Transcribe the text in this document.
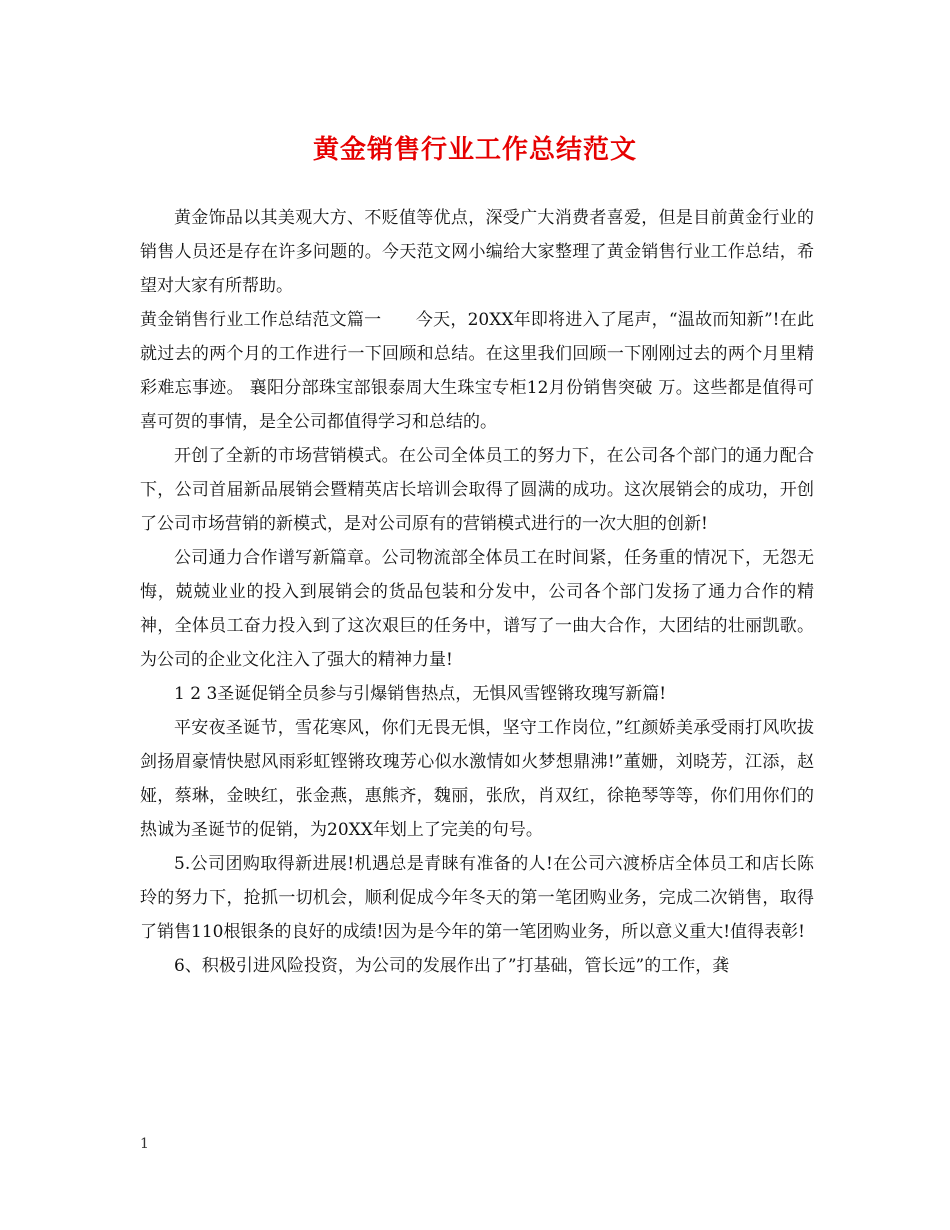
黄金销售行业工作总结范文

黄金饰品以其美观大方、不贬值等优点，深受广大消费者喜爱，但是目前黄金行业的销售人员还是存在许多问题的。今天范文网小编给大家整理了黄金销售行业工作总结，希望对大家有所帮助。

黄金销售行业工作总结范文篇一　　今天，20XX年即将进入了尾声，“温故而知新”!在此就过去的两个月的工作进行一下回顾和总结。在这里我们回顾一下刚刚过去的两个月里精彩难忘事迹。 襄阳分部珠宝部银泰周大生珠宝专柜12月份销售突破 万。这些都是值得可喜可贺的事情，是全公司都值得学习和总结的。

开创了全新的市场营销模式。在公司全体员工的努力下，在公司各个部门的通力配合下，公司首届新品展销会暨精英店长培训会取得了圆满的成功。这次展销会的成功，开创了公司市场营销的新模式，是对公司原有的营销模式进行的一次大胆的创新!

公司通力合作谱写新篇章。公司物流部全体员工在时间紧，任务重的情况下，无怨无悔，兢兢业业的投入到展销会的货品包装和分发中，公司各个部门发扬了通力合作的精神，全体员工奋力投入到了这次艰巨的任务中，谱写了一曲大合作，大团结的壮丽凯歌。为公司的企业文化注入了强大的精神力量!

1 2 3圣诞促销全员参与引爆销售热点，无惧风雪铿锵玫瑰写新篇!

平安夜圣诞节，雪花寒风，你们无畏无惧，坚守工作岗位，”红颜娇美承受雨打风吹拔剑扬眉豪情快慰风雨彩虹铿锵玫瑰芳心似水激情如火梦想鼎沸!”董姗，刘晓芳，江添，赵娅，蔡琳，金映红，张金燕，惠熊齐，魏丽，张欣，肖双红，徐艳琴等等，你们用你们的热诚为圣诞节的促销，为20XX年划上了完美的句号。

5.公司团购取得新进展!机遇总是青睐有准备的人!在公司六渡桥店全体员工和店长陈玲的努力下，抢抓一切机会，顺利促成今年冬天的第一笔团购业务，完成二次销售，取得了销售110根银条的良好的成绩!因为是今年的第一笔团购业务，所以意义重大!值得表彰!

6、积极引进风险投资，为公司的发展作出了”打基础，管长远”的工作，龚

1
